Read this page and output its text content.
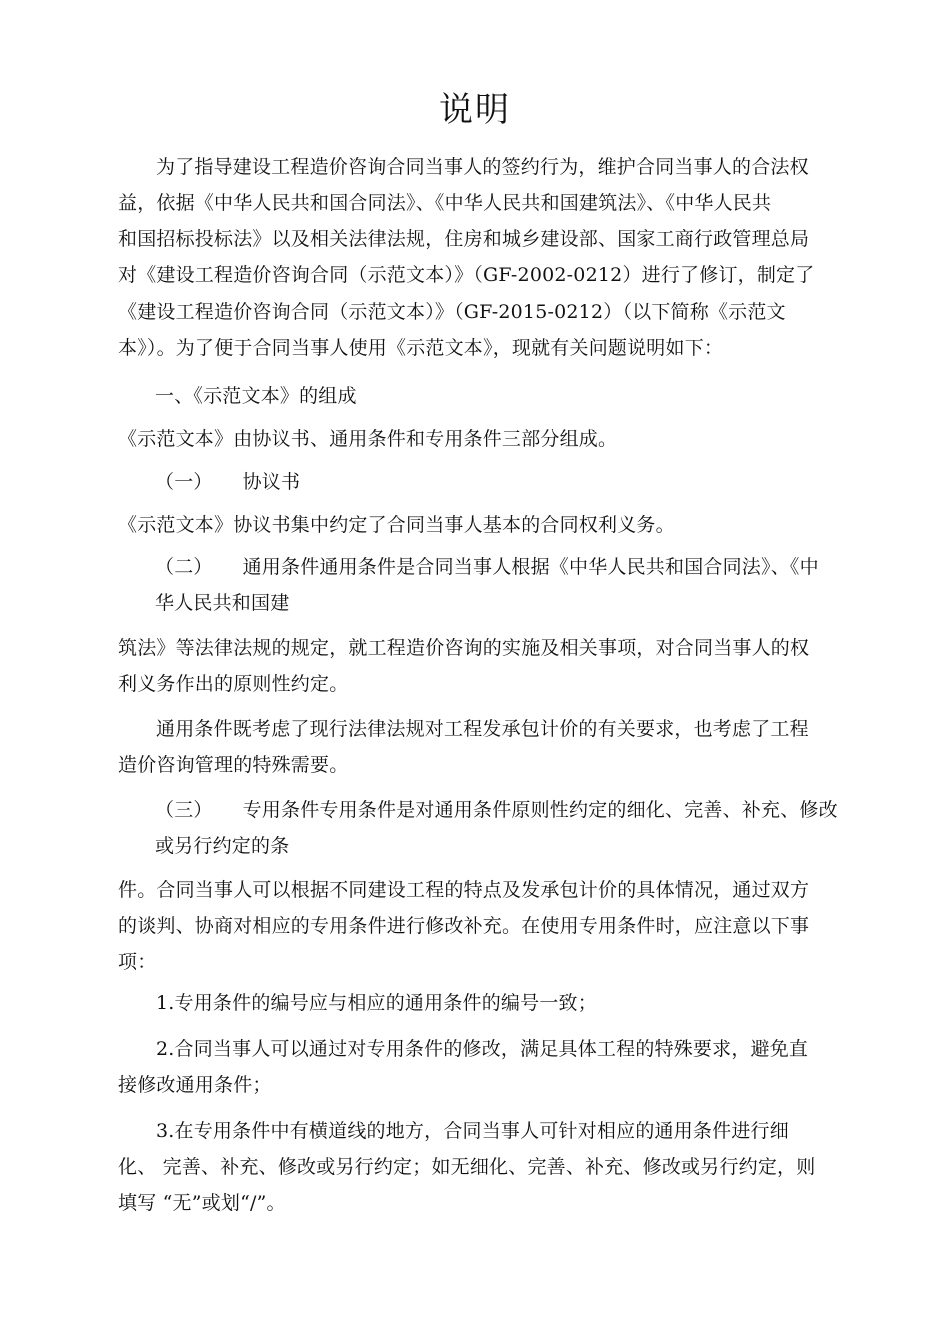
说明
为了指导建设工程造价咨询合同当事人的签约行为，维护合同当事人的合法权
益，依据《中华人民共和国合同法》、《中华人民共和国建筑法》、《中华人民共
和国招标投标法》以及相关法律法规，住房和城乡建设部、国家工商行政管理总局
对《建设工程造价咨询合同（示范文本）》（GF-2002-0212）进行了修订，制定了
《建设工程造价咨询合同（示范文本）》（GF-2015-0212）（以下简称《示范文
本》）。为了便于合同当事人使用《示范文本》，现就有关问题说明如下：
一、《示范文本》的组成
《示范文本》由协议书、通用条件和专用条件三部分组成。
（一） 协议书
《示范文本》协议书集中约定了合同当事人基本的合同权利义务。
（二） 通用条件通用条件是合同当事人根据《中华人民共和国合同法》、《中
华人民共和国建
筑法》等法律法规的规定，就工程造价咨询的实施及相关事项，对合同当事人的权
利义务作出的原则性约定。
通用条件既考虑了现行法律法规对工程发承包计价的有关要求，也考虑了工程
造价咨询管理的特殊需要。
（三） 专用条件专用条件是对通用条件原则性约定的细化、完善、补充、修改
或另行约定的条
件。合同当事人可以根据不同建设工程的特点及发承包计价的具体情况，通过双方
的谈判、协商对相应的专用条件进行修改补充。在使用专用条件时，应注意以下事
项：
1.专用条件的编号应与相应的通用条件的编号一致；
2.合同当事人可以通过对专用条件的修改，满足具体工程的特殊要求，避免直
接修改通用条件；
3.在专用条件中有横道线的地方，合同当事人可针对相应的通用条件进行细
化、 完善、补充、修改或另行约定；如无细化、完善、补充、修改或另行约定，则
填写 “无”或划“/”。
